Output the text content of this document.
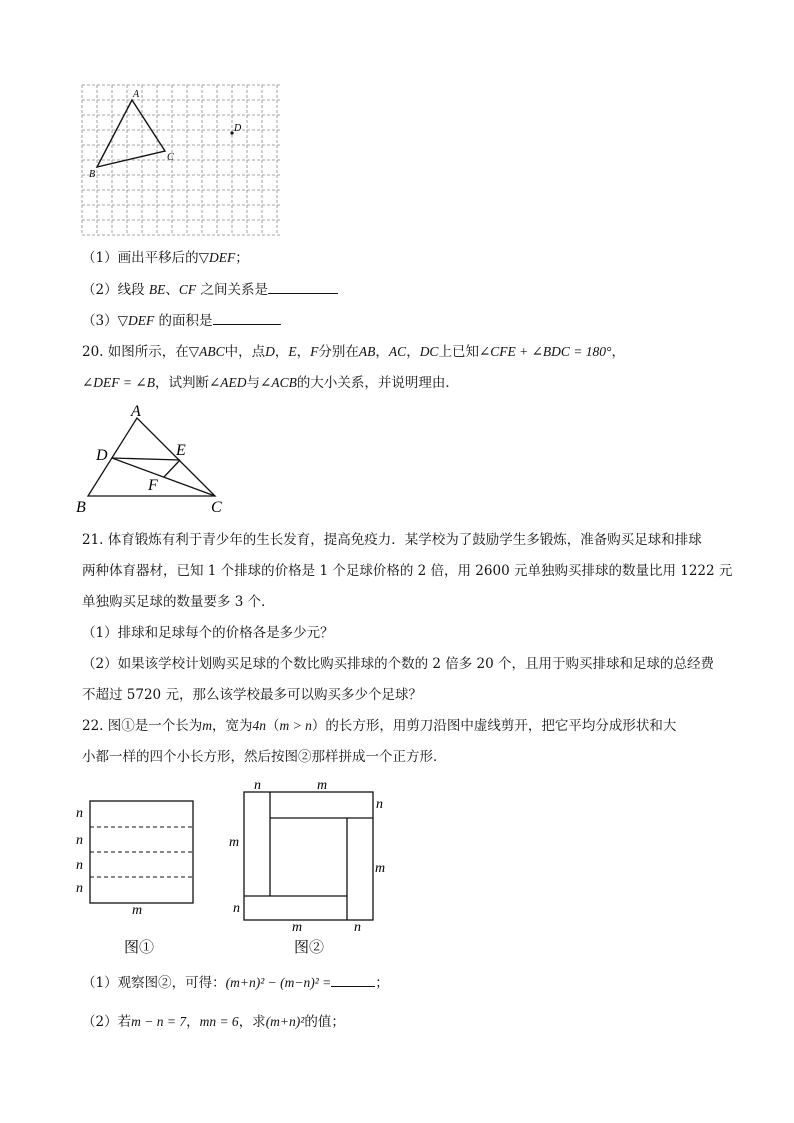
A
B
C
D
（1）画出平移后的▽DEF；
（2）线段 BE、CF 之间关系是
（3）▽DEF 的面积是
20. 如图所示，在▽ABC中，点D，E，F分别在AB，AC，DC上已知∠CFE + ∠BDC = 180°，
∠DEF = ∠B，试判断∠AED与∠ACB的大小关系，并说明理由．
A
B	C
D	E
F
21. 体育锻炼有利于青少年的生长发育，提高免疫力．某学校为了鼓励学生多锻炼，准备购买足球和排球
两种体育器材，已知 1 个排球的价格是 1 个足球价格的 2 倍，用 2600 元单独购买排球的数量比用 1222 元
单独购买足球的数量要多 3 个．
（1）排球和足球每个的价格各是多少元？
（2）如果该学校计划购买足球的个数比购买排球的个数的 2 倍多 20 个，且用于购买排球和足球的总经费
不超过 5720 元，那么该学校最多可以购买多少个足球？
22. 图①是一个长为m，宽为4n（m > n）的长方形，用剪刀沿图中虚线剪开，把它平均分成形状和大
小都一样的四个小长方形，然后按图②那样拼成一个正方形．
n
n
n
n
m
图①
n	m
n
m
m
n
m	n
图②
（1）观察图②，可得：(m+n)² − (m−n)² =	；
（2）若m − n = 7，mn = 6，求(m+n)²的值；
